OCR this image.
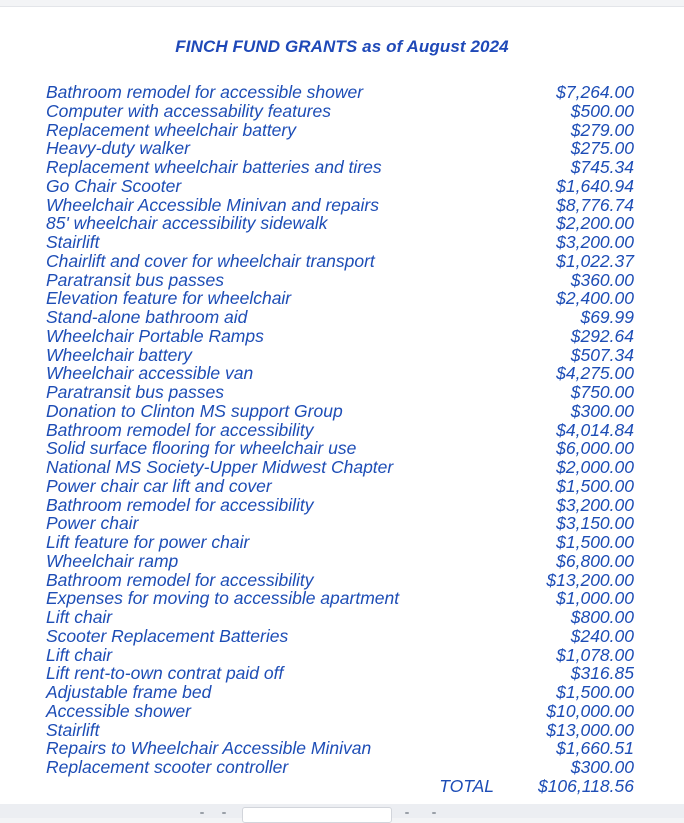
FINCH FUND GRANTS as of August 2024
Bathroom remodel for accessible shower	$7,264.00
Computer with accessability features	$500.00
Replacement wheelchair battery	$279.00
Heavy-duty walker	$275.00
Replacement wheelchair batteries and tires	$745.34
Go Chair Scooter	$1,640.94
Wheelchair Accessible Minivan and repairs	$8,776.74
85' wheelchair accessibility sidewalk	$2,200.00
Stairlift	$3,200.00
Chairlift and cover for wheelchair transport	$1,022.37
Paratransit bus passes	$360.00
Elevation feature for wheelchair	$2,400.00
Stand-alone bathroom aid	$69.99
Wheelchair Portable Ramps	$292.64
Wheelchair battery	$507.34
Wheelchair accessible van	$4,275.00
Paratransit bus passes	$750.00
Donation to Clinton MS support Group	$300.00
Bathroom remodel for accessibility	$4,014.84
Solid surface flooring for wheelchair use	$6,000.00
National MS Society-Upper Midwest Chapter	$2,000.00
Power chair car lift and cover	$1,500.00
Bathroom remodel for accessibility	$3,200.00
Power chair	$3,150.00
Lift feature for power chair	$1,500.00
Wheelchair ramp	$6,800.00
Bathroom remodel for accessibility	$13,200.00
Expenses for moving to accessible apartment	$1,000.00
Lift chair	$800.00
Scooter Replacement Batteries	$240.00
Lift chair	$1,078.00
Lift rent-to-own contrat paid off	$316.85
Adjustable frame bed	$1,500.00
Accessible shower	$10,000.00
Stairlift	$13,000.00
Repairs to Wheelchair Accessible Minivan	$1,660.51
Replacement scooter controller	$300.00
TOTAL	$106,118.56
